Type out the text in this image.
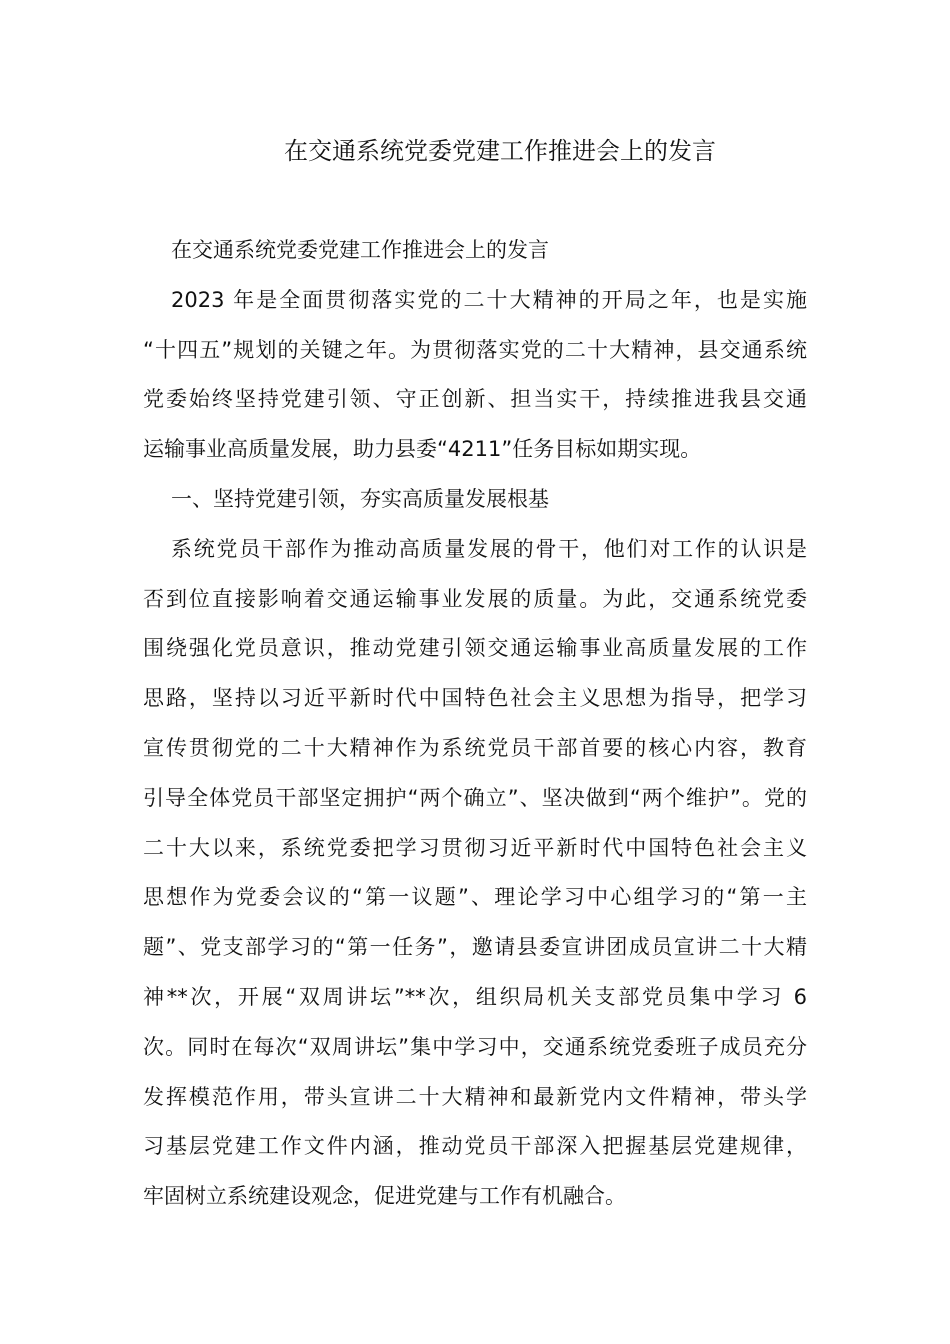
在交通系统党委党建工作推进会上的发言
在交通系统党委党建工作推进会上的发言
2023 年是全面贯彻落实党的二十大精神的开局之年，也是实施
“十四五”规划的关键之年。为贯彻落实党的二十大精神，县交通系统
党委始终坚持党建引领、守正创新、担当实干，持续推进我县交通
运输事业高质量发展，助力县委“4211”任务目标如期实现。
一、坚持党建引领，夯实高质量发展根基
系统党员干部作为推动高质量发展的骨干，他们对工作的认识是
否到位直接影响着交通运输事业发展的质量。为此，交通系统党委
围绕强化党员意识，推动党建引领交通运输事业高质量发展的工作
思路，坚持以习近平新时代中国特色社会主义思想为指导，把学习
宣传贯彻党的二十大精神作为系统党员干部首要的核心内容，教育
引导全体党员干部坚定拥护“两个确立”、坚决做到“两个维护”。党的
二十大以来，系统党委把学习贯彻习近平新时代中国特色社会主义
思想作为党委会议的“第一议题”、理论学习中心组学习的“第一主
题”、党支部学习的“第一任务”，邀请县委宣讲团成员宣讲二十大精
神**次，开展“双周讲坛”**次，组织局机关支部党员集中学习 6
次。同时在每次“双周讲坛”集中学习中，交通系统党委班子成员充分
发挥模范作用，带头宣讲二十大精神和最新党内文件精神，带头学
习基层党建工作文件内涵，推动党员干部深入把握基层党建规律，
牢固树立系统建设观念，促进党建与工作有机融合。
